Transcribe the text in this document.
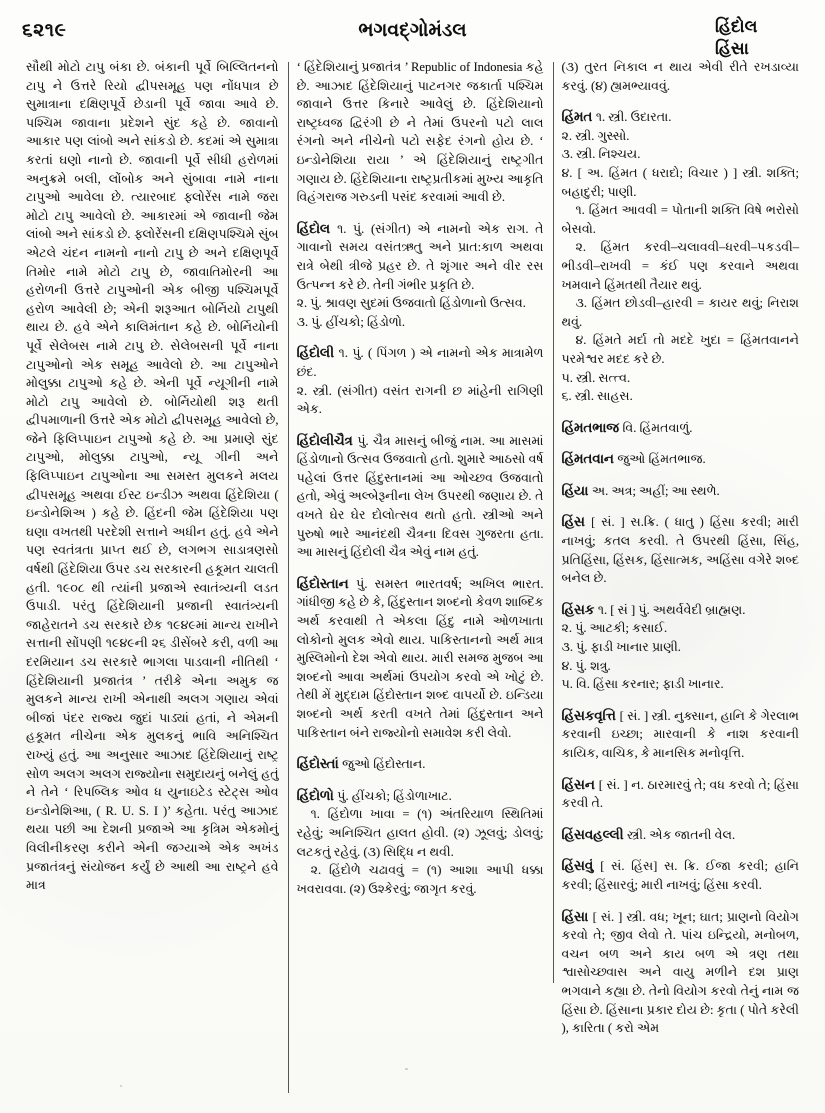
૬૨૧૯	ભગવદ્ગોમંડલ	હિંદોલ
હિંસા

સૌથી મોટો ટાપુ બંકા છે. બંકાની પૂર્વે બિલ્લિતનનો ટાપુ ને ઉત્તરે રિયો દ્વીપસમૂહ પણ નોંધપાત્ર છે સુમાત્રાના દક્ષિણપૂર્વે છેડાની પૂર્વે જાવા આવે છે. પશ્ચિમ જાવાના પ્રદેશને સુંદ કહે છે. જાવાનો આકાર પણ લાંબો અને સાંકડો છે. કદમાં એ સુમાત્રા કરતાં ઘણો નાનો છે. જાવાની પૂર્વે સીધી હરોળમાં અનુક્રમે બલી, લોંબોક અને સુંબાવા નામે નાના ટાપુઓ આવેલા છે. ત્યારબાદ ફ્લોરેંસ નામે જરા મોટો ટાપુ આવેલો છે. આકારમાં એ જાવાની જેમ લાંબો અને સાંકડો છે. ફ્લોરેંસની દક્ષિણપશ્ચિમે સુંબ એટલે ચંદન નામનો નાનો ટાપુ છે અને દક્ષિણપૂર્વે તિમોર નામે મોટો ટાપુ છે, જાવાતિમોરની આ હરોળની ઉત્તરે ટાપુઓની એક બીજી પશ્ચિમપૂર્વે હરોળ આવેલી છે; એની શરૂઆત બોર્નિયો ટાપુથી થાય છે. હવે એને કાલિમંતાન કહે છે. બોર્નિયોની પૂર્વે સેલેબસ નામે ટાપુ છે. સેલેબસની પૂર્વે નાના ટાપુઓનો એક સમૂહ આવેલો છે. આ ટાપુઓને મોલુક્કા ટાપુઓ કહે છે. એની પૂર્વે ન્યૂગીની નામે મોટો ટાપુ આવેલો છે. બોર્નિયોથી શરૂ થતી દ્વીપમાળાની ઉત્તરે એક મોટો દ્વીપસમૂહ આવેલો છે, જેને ફિલિપ્પાઇન ટાપુઓ કહે છે. આ પ્રમાણે સુંદ ટાપુઓ, મોલુક્કા ટાપુઓ, ન્યૂ ગીની અને ફિલિપ્પાઇન ટાપુઓના આ સમસ્ત મુલકને મલય દ્વીપસમૂહ અથવા ઈસ્ટ ઇન્ડીઝ અથવા હિંદેશિયા ( ઇન્ડોનેશિઅ ) કહે છે. હિંદની જેમ હિંદેશિયા પણ ઘણા વખતથી પરદેશી સત્તાને અધીન હતું. હવે એને પણ સ્વતંત્રતા પ્રાપ્ત થઈ છે, લગભગ સાડાત્રણસો વર્ષથી હિંદેશિયા ઉપર ડચ સરકારની હકૂમત ચાલતી હતી. ૧૯૦૮ થી ત્યાંની પ્રજાએ સ્વાતંત્ર્યની લડત ઉપાડી. પરંતુ હિંદેશિયાની પ્રજાની સ્વાતંત્ર્યની જાહેરાતને ડચ સરકારે છેક ૧૯૪૯માં માન્ય રાખીને સત્તાની સોંપણી ૧૯૪૯ની ૨૬ ડીસેંબરે કરી, વળી આ દરમિયાન ડચ સરકારે ભાગલા પાડવાની નીતિથી ‘ હિંદેશિયાની પ્રજાતંત્ર ’ તરીકે એના અમુક જ મુલકને માન્ય રાખી એનાથી અલગ ગણાય એવાં બીજાં પંદર રાજ્ય જુદાં પાડ્યાં હતાં, ને એમની હકૂમત નીચેના એક મુલકનું ભાવિ અનિશ્ચિત રાખ્યું હતું. આ અનુસાર આઝાદ હિંદેશિયાનું રાષ્ટ્ર સોળ અલગ અલગ રાજ્યોના સમુદાયનું બનેલું હતું ને તેને ‘ રિપબ્લિક ઓવ ધ યુનાઇટેડ સ્ટેટ્સ ઓવ ઇન્ડોનેશિઆ, ( R. U. S. I )’ કહેતા. પરંતુ આઝાદ થયા પછી આ દેશની પ્રજાએ આ કૃત્રિમ એકમોનું વિલીનીકરણ કરીને એની જગ્યાએ એક અખંડ પ્રજાતંત્રનું સંયોજન કર્યું છે આથી આ રાષ્ટ્રને હવે માત્ર

‘ હિંદેશિયાનું પ્રજાતંત્ર ’ Republic of Indonesia કહે છે. આઝાદ હિંદેશિયાનું પાટનગર જકાર્તા પશ્ચિમ જાવાને ઉત્તર કિનારે આવેલું છે. હિંદેશિયાનો રાષ્ટ્રધ્વજ દ્વિરંગી છે ને તેમાં ઉપરનો પટો લાલ રંગનો અને નીચેનો પટો સફેદ રંગનો હોય છે. ‘ ઇન્ડોનેશિયા રાયા ’ એ હિંદેશિયાનું રાષ્ટ્રગીત ગણાય છે. હિંદેશિયાના રાષ્ટ્રપ્રતીકમાં મુખ્ય આકૃતિ વિહંગરાજ ગરુડની પસંદ કરવામાં આવી છે.

હિંદોલ ૧. પું. (સંગીત) એ નામનો એક રાગ. તે ગાવાનો સમય વસંતઋતુ અને પ્રાત:કાળ અથવા રાત્રે બેથી ત્રીજે પ્રહર છે. તે શૃંગાર અને વીર રસ ઉત્પન્ન કરે છે. તેની ગંભીર પ્રકૃતિ છે.

૨. પું. શ્રાવણ સુદમાં ઉજવાતો હિંડોળાનો ઉત્સવ.

૩. પું. હીંચકો; હિંડોળો.

હિંદોલી ૧. પું. ( પિંગળ ) એ નામનો એક માત્રામેળ છંદ.

૨. સ્ત્રી. (સંગીત) વસંત રાગની છ માંહેની રાગિણી એક.

હિંદોલીચૈત્ર પું. ચૈત્ર માસનું બીજું નામ. આ માસમાં હિંડોળાનો ઉત્સવ ઉજવાતો હતો. શુમારે આઠસો વર્ષ પહેલાં ઉત્તર હિંદુસ્તાનમાં આ ઓચ્છવ ઉજવાતો હતો, એવું અલ્બેરૂનીના લેખ ઉપરથી જણાય છે. તે વખતે ઘેર ઘેર દોલોત્સવ થતો હતો. સ્ત્રીઓ અને પુરુષો ભારે આનંદથી ચૈત્રના દિવસ ગુજરતા હતા. આ માસનું હિંદોલી ચૈત્ર એવું નામ હતું.

હિંદોસ્તાન પું. સમસ્ત ભારતવર્ષ; અખિલ ભારત. ગાંધીજી કહે છે કે, હિંદુસ્તાન શબ્દનો કેવળ શાબ્દિક અર્થ કરવાથી તે એકલા હિંદુ નામે ઓળખાતા લોકોનો મુલક એવો થાય. પાકિસ્તાનનો અર્થ માત્ર મુસ્લિમોનો દેશ એવો થાય. મારી સમજ મુજબ આ શબ્દનો આવા અર્થમાં ઉપયોગ કરવો એ ખોટું છે. તેથી મેં મુદ્દામ હિંદોસ્તાન શબ્દ વાપર્યો છે. ઇન્ડિયા શબ્દનો અર્થ કરતી વખતે તેમાં હિંદુસ્તાન અને પાકિસ્તાન બંને રાજ્યોનો સમાવેશ કરી લેવો.

હિંદોસ્તાં જુઓ હિંદોસ્તાન.

હિંદોળો પું. હીંચકો; હિંડોળાખાટ.

૧. હિંદોળા ખાવા = (૧) અંતરિયાળ સ્થિતિમાં રહેવું; અનિશ્ચિત હાલત હોવી. (૨) ઝૂલવું; ડોલવું; લટકતું રહેવું. (૩) સિદ્ધિ ન થવી.

૨. હિંદોળે ચઢાવવું = (૧) આશા આપી ધક્કા ખવરાવવા. (૨) ઉશ્કેરવું; જાગૃત કરવું.

(૩) તુરત નિકાલ ન થાય એવી રીતે રખડાવ્યા કરવું. (૪) હ્યમભ્યાવવું.

હિંમત ૧. સ્ત્રી. ઉદારતા.

૨. સ્ત્રી. ગુસ્સો.

૩. સ્ત્રી. નિશ્ચય.

૪. [ અ. હિંમત ( ધરાદો; વિચાર ) ] સ્ત્રી. શક્તિ; બહાદુરી; પાણી.

૧. હિંમત આવવી = પોતાની શક્તિ વિષે ભરોસો બેસવો.

૨. હિંમત કરવી–ચલાવવી–ધરવી–પકડવી–ભીડવી–રાખવી = કંઈ પણ કરવાને અથવા ખમવાને હિંમતથી તૈયાર થવું.

૩. હિંમત છોડવી–હારવી = કાયર થવું; નિરાશ થવું.

૪. હિંમતે મર્દા તો મદદે ખુદા = હિંમતવાનને પરમેશ્વર મદદ કરે છે.

૫. સ્ત્રી. સત્ત્વ.

૬. સ્ત્રી. સાહસ.

હિંમતભાજ વિ. હિંમતવાળું.

હિંમતવાન જુઓ હિંમતભાજ.

હિંયા અ. અત્ર; અહીં; આ સ્થળે.

હિંસ [ સં. ] સ.ક્રિ. ( ધાતુ ) હિંસા કરવી; મારી નાખવું; કતલ કરવી. તે ઉપરથી હિંસા, સિંહ, પ્રતિહિંસા, હિંસક, હિંસાત્મક, અહિંસા વગેરે શબ્દ બનેલ છે.

હિંસક ૧. [ સં ] પું. અથર્વવેદી બ્રાહ્મણ.

૨. પું. આટકી; કસાઈ.

૩. પું. ફાડી ખાનાર પ્રાણી.

૪. પું. શત્રુ.

૫. વિ. હિંસા કરનાર; ફાડી ખાનાર.

હિંસકવૃત્તિ [ સં. ] સ્ત્રી. નુક્સાન, હાનિ કે ગેરલાભ કરવાની ઇચ્છા; મારવાની કે નાશ કરવાની કાયિક, વાચિક, કે માનસિક મનોવૃત્તિ.

હિંસન [ સં. ] ન. ઠારમારવું તે; વધ કરવો તે; હિંસા કરવી તે.

હિંસવહલ્લી સ્ત્રી. એક જાતની વેલ.

હિંસવું [ સં. હિંસ] સ. ક્રિ. ઈજા કરવી; હાનિ કરવી; હિંસારવું; મારી નાખવું; હિંસા કરવી.

હિંસા [ સં. ] સ્ત્રી. વધ; ખૂન; ઘાત; પ્રાણનો વિયોગ કરવો તે; જીવ લેવો તે. પાંચ ઇન્દ્રિયો, મનોબળ, વચન બળ અને કાય બળ એ ત્રણ તથા શ્વાસોચ્છ્વાસ અને વાયુ મળીને દશ પ્રાણ ભગવાને કહ્યા છે. તેનો વિયોગ કરવો તેનું નામ જ હિંસા છે. હિંસાના પ્રકાર દોય છે: કૃતા ( પોતે કરેલી ), કારિતા ( કરો એમ
